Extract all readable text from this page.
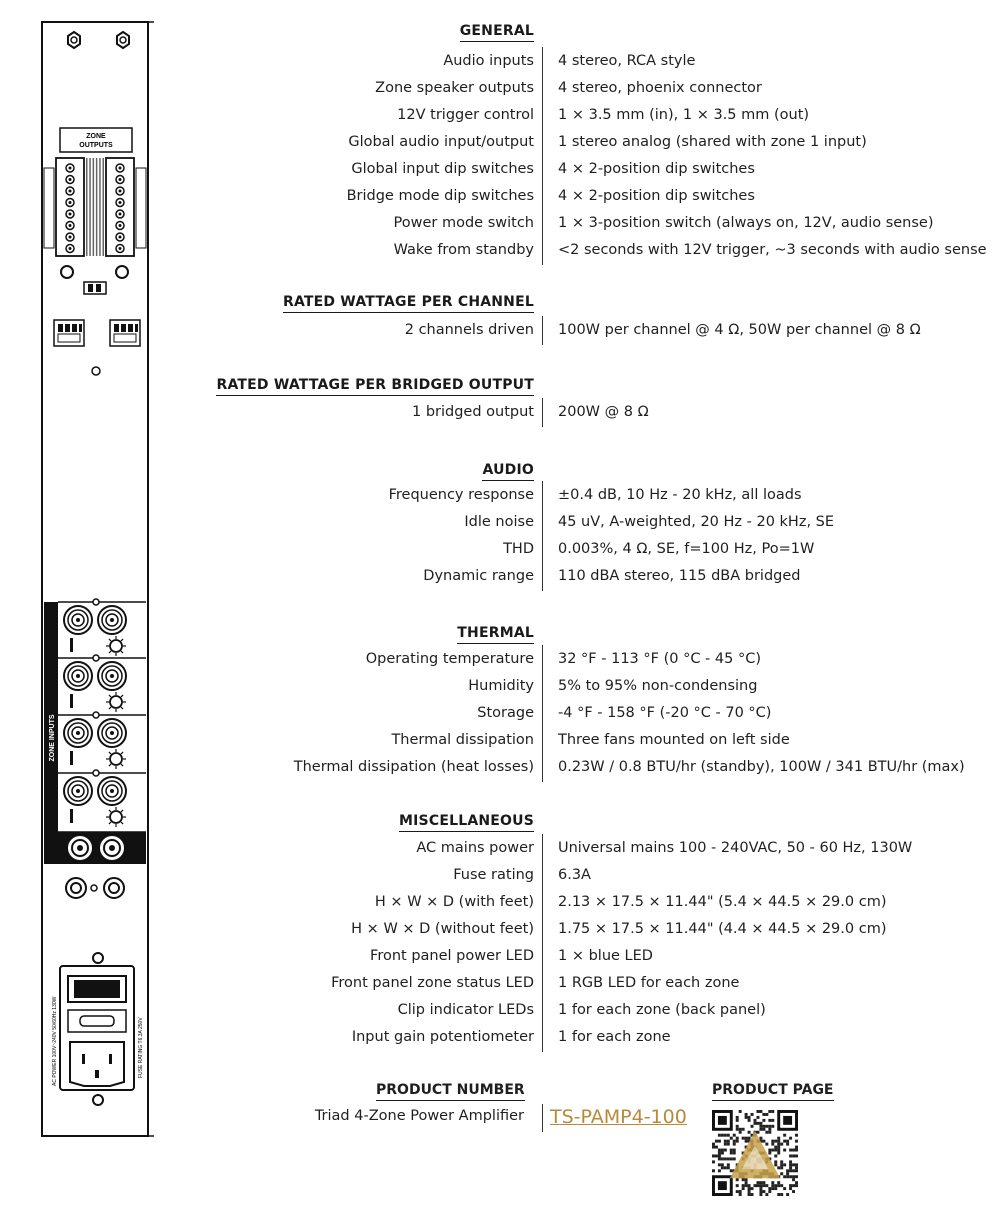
ZONE
OUTPUTS
ZONE INPUTS
FUSE RATING T6.3A 250V
AC POWER 100V~240V 50/60Hz 130W
GENERAL
Audio inputs 4 stereo, RCA style
Zone speaker outputs 4 stereo, phoenix connector
12V trigger control 1 × 3.5 mm (in), 1 × 3.5 mm (out)
Global audio input/output 1 stereo analog (shared with zone 1 input)
Global input dip switches 4 × 2-position dip switches
Bridge mode dip switches 4 × 2-position dip switches
Power mode switch 1 × 3-position switch (always on, 12V, audio sense)
Wake from standby <2 seconds with 12V trigger, ~3 seconds with audio sense
RATED WATTAGE PER CHANNEL
2 channels driven 100W per channel @ 4 Ω, 50W per channel @ 8 Ω
RATED WATTAGE PER BRIDGED OUTPUT
1 bridged output 200W @ 8 Ω
AUDIO
Frequency response ±0.4 dB, 10 Hz - 20 kHz, all loads
Idle noise 45 uV, A-weighted, 20 Hz - 20 kHz, SE
THD 0.003%, 4 Ω, SE, f=100 Hz, Po=1W
Dynamic range 110 dBA stereo, 115 dBA bridged
THERMAL
Operating temperature 32 °F - 113 °F (0 °C - 45 °C)
Humidity 5% to 95% non-condensing
Storage -4 °F - 158 °F (-20 °C - 70 °C)
Thermal dissipation Three fans mounted on left side
Thermal dissipation (heat losses) 0.23W / 0.8 BTU/hr (standby), 100W / 341 BTU/hr (max)
MISCELLANEOUS
AC mains power Universal mains 100 - 240VAC, 50 - 60 Hz, 130W
Fuse rating 6.3A
H × W × D (with feet) 2.13 × 17.5 × 11.44" (5.4 × 44.5 × 29.0 cm)
H × W × D (without feet) 1.75 × 17.5 × 11.44" (4.4 × 44.5 × 29.0 cm)
Front panel power LED 1 × blue LED
Front panel zone status LED 1 RGB LED for each zone
Clip indicator LEDs 1 for each zone (back panel)
Input gain potentiometer 1 for each zone
PRODUCT NUMBER
Triad 4-Zone Power Amplifier TS-PAMP4-100
PRODUCT PAGE
